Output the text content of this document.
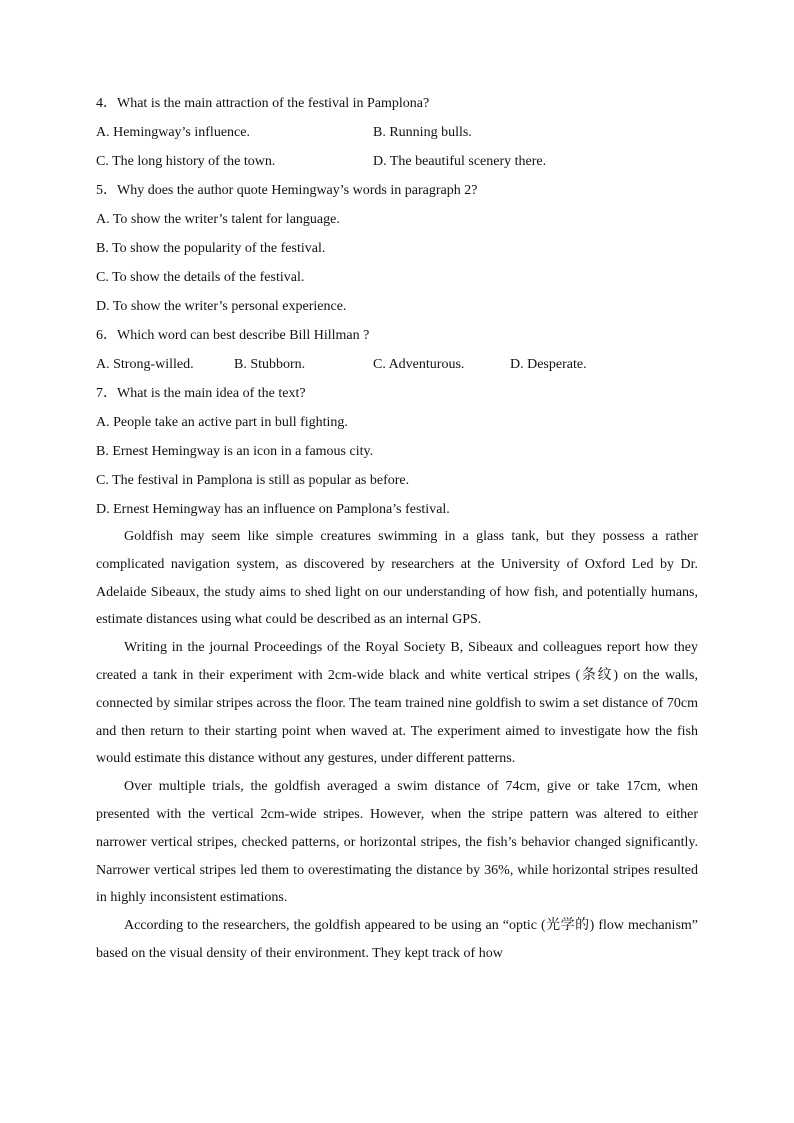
4．What is the main attraction of the festival in Pamplona?
A. Hemingway’s influence.	B. Running bulls.
C. The long history of the town.	D. The beautiful scenery there.
5．Why does the author quote Hemingway’s words in paragraph 2?
A. To show the writer’s talent for language.
B. To show the popularity of the festival.
C. To show the details of the festival.
D. To show the writer’s personal experience.
6．Which word can best describe Bill Hillman ?
A. Strong-willed.	B. Stubborn.	C. Adventurous.	D. Desperate.
7．What is the main idea of the text?
A. People take an active part in bull fighting.
B. Ernest Hemingway is an icon in a famous city.
C. The festival in Pamplona is still as popular as before.
D. Ernest Hemingway has an influence on Pamplona’s festival.

Goldfish may seem like simple creatures swimming in a glass tank, but they possess a rather complicated navigation system, as discovered by researchers at the University of Oxford Led by Dr. Adelaide Sibeaux, the study aims to shed light on our understanding of how fish, and potentially humans, estimate distances using what could be described as an internal GPS.

Writing in the journal Proceedings of the Royal Society B, Sibeaux and colleagues report how they created a tank in their experiment with 2cm-wide black and white vertical stripes (条纹) on the walls, connected by similar stripes across the floor. The team trained nine goldfish to swim a set distance of 70cm and then return to their starting point when waved at. The experiment aimed to investigate how the fish would estimate this distance without any gestures, under different patterns.

Over multiple trials, the goldfish averaged a swim distance of 74cm, give or take 17cm, when presented with the vertical 2cm-wide stripes. However, when the stripe pattern was altered to either narrower vertical stripes, checked patterns, or horizontal stripes, the fish’s behavior changed significantly. Narrower vertical stripes led them to overestimating the distance by 36%, while horizontal stripes resulted in highly inconsistent estimations.

According to the researchers, the goldfish appeared to be using an “optic (光学的) flow mechanism” based on the visual density of their environment. They kept track of how
